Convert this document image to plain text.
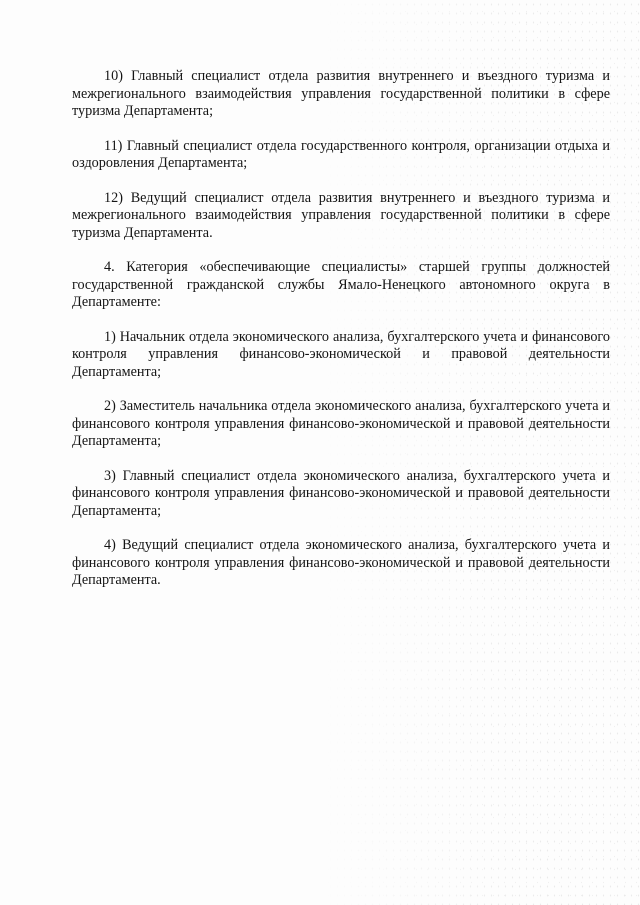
10) Главный специалист отдела развития внутреннего и въездного туризма и межрегионального взаимодействия управления государственной политики в сфере туризма Департамента;

11) Главный специалист отдела государственного контроля, организации отдыха и оздоровления Департамента;

12) Ведущий специалист отдела развития внутреннего и въездного туризма и межрегионального взаимодействия управления государственной политики в сфере туризма Департамента.

4. Категория «обеспечивающие специалисты» старшей группы должностей государственной гражданской службы Ямало-Ненецкого автономного округа в Департаменте:

1) Начальник отдела экономического анализа, бухгалтерского учета и финансового контроля управления финансово-экономической и правовой деятельности Департамента;

2) Заместитель начальника отдела экономического анализа, бухгалтерского учета и финансового контроля управления финансово-экономической и правовой деятельности Департамента;

3) Главный специалист отдела экономического анализа, бухгалтерского учета и финансового контроля управления финансово-экономической и правовой деятельности Департамента;

4) Ведущий специалист отдела экономического анализа, бухгалтерского учета и финансового контроля управления финансово-экономической и правовой деятельности Департамента.
